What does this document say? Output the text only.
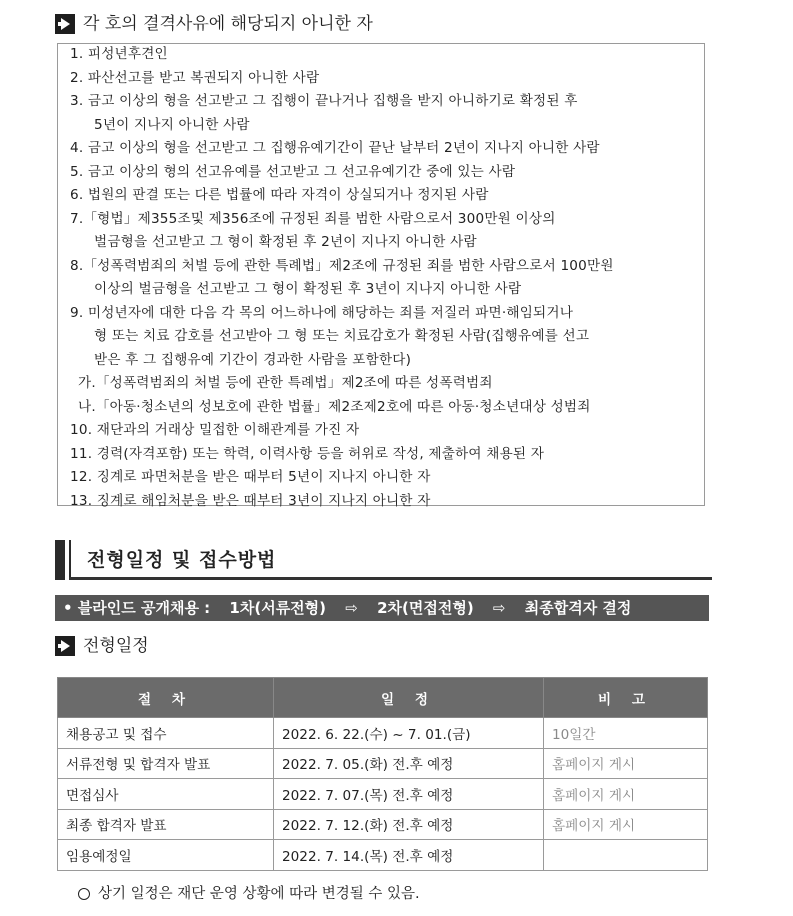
각 호의 결격사유에 해당되지 아니한 자
1. 피성년후견인
2. 파산선고를 받고 복권되지 아니한 사람
3. 금고 이상의 형을 선고받고 그 집행이 끝나거나 집행을 받지 아니하기로 확정된 후
5년이 지나지 아니한 사람
4. 금고 이상의 형을 선고받고 그 집행유예기간이 끝난 날부터 2년이 지나지 아니한 사람
5. 금고 이상의 형의 선고유예를 선고받고 그 선고유예기간 중에 있는 사람
6. 법원의 판결 또는 다른 법률에 따라 자격이 상실되거나 정지된 사람
7.「형법」제355조및 제356조에 규정된 죄를 범한 사람으로서 300만원 이상의
벌금형을 선고받고 그 형이 확정된 후 2년이 지나지 아니한 사람
8.「성폭력범죄의 처벌 등에 관한 특례법」제2조에 규정된 죄를 범한 사람으로서 100만원
이상의 벌금형을 선고받고 그 형이 확정된 후 3년이 지나지 아니한 사람
9. 미성년자에 대한 다음 각 목의 어느하나에 해당하는 죄를 저질러 파면·해임되거나
형 또는 치료 감호를 선고받아 그 형 또는 치료감호가 확정된 사람(집행유예를 선고
받은 후 그 집행유예 기간이 경과한 사람을 포함한다)
가.「성폭력범죄의 처벌 등에 관한 특례법」제2조에 따른 성폭력범죄
나.「아동·청소년의 성보호에 관한 법률」제2조제2호에 따른 아동·청소년대상 성범죄
10. 재단과의 거래상 밀접한 이해관계를 가진 자
11. 경력(자격포함) 또는 학력, 이력사항 등을 허위로 작성, 제출하여 채용된 자
12. 징계로 파면처분을 받은 때부터 5년이 지나지 아니한 자
13. 징계로 해임처분을 받은 때부터 3년이 지나지 아니한 자
전형일정 및 접수방법
• 블라인드 공개채용 : 1차(서류전형) ⇨ 2차(면접전형) ⇨ 최종합격자 결정
전형일정
절 차	일 정	비 고
채용공고 및 접수	2022. 6. 22.(수) ~ 7. 01.(금)	10일간
서류전형 및 합격자 발표	2022. 7. 05.(화) 전.후 예정	홈페이지 게시
면접심사	2022. 7. 07.(목) 전.후 예정	홈페이지 게시
최종 합격자 발표	2022. 7. 12.(화) 전.후 예정	홈페이지 게시
임용예정일	2022. 7. 14.(목) 전.후 예정	
상기 일정은 재단 운영 상황에 따라 변경될 수 있음.
